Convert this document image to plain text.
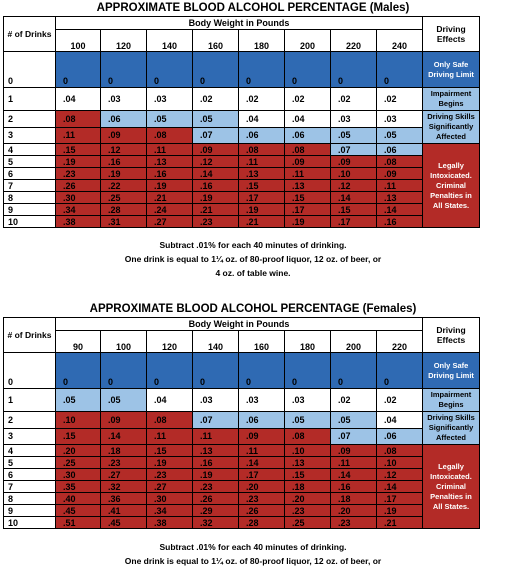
APPROXIMATE BLOOD ALCOHOL PERCENTAGE (Males)
# of Drinks	Body Weight in Pounds								Driving Effects
	100	120	140	160	180	200	220	240	
0	0	0	0	0	0	0	0	0	Only Safe Driving Limit
1	.04	.03	.03	.02	.02	.02	.02	.02	Impairment Begins
2	.08	.06	.05	.05	.04	.04	.03	.03	Driving Skills Significantly Affected
3	.11	.09	.08	.07	.06	.06	.05	.05	
4	.15	.12	.11	.09	.08	.08	.07	.06	Legally Intoxicated. Criminal Penalties in All States.
5	.19	.16	.13	.12	.11	.09	.09	.08	
6	.23	.19	.16	.14	.13	.11	.10	.09	
7	.26	.22	.19	.16	.15	.13	.12	.11	
8	.30	.25	.21	.19	.17	.15	.14	.13	
9	.34	.28	.24	.21	.19	.17	.15	.14	
10	.38	.31	.27	.23	.21	.19	.17	.16	
Subtract .01% for each 40 minutes of drinking.
One drink is equal to 1¼ oz. of 80-proof liquor, 12 oz. of beer, or
4 oz. of table wine.
APPROXIMATE BLOOD ALCOHOL PERCENTAGE (Females)
# of Drinks	Body Weight in Pounds								Driving Effects
	90	100	120	140	160	180	200	220	
0	0	0	0	0	0	0	0	0	Only Safe Driving Limit
1	.05	.05	.04	.03	.03	.03	.02	.02	Impairment Begins
2	.10	.09	.08	.07	.06	.05	.05	.04	Driving Skills Significantly Affected
3	.15	.14	.11	.11	.09	.08	.07	.06	
4	.20	.18	.15	.13	.11	.10	.09	.08	Legally Intoxicated. Criminal Penalties in All States.
5	.25	.23	.19	.16	.14	.13	.11	.10	
6	.30	.27	.23	.19	.17	.15	.14	.12	
7	.35	.32	.27	.23	.20	.18	.16	.14	
8	.40	.36	.30	.26	.23	.20	.18	.17	
9	.45	.41	.34	.29	.26	.23	.20	.19	
10	.51	.45	.38	.32	.28	.25	.23	.21	
Subtract .01% for each 40 minutes of drinking.
One drink is equal to 1¼ oz. of 80-proof liquor, 12 oz. of beer, or
